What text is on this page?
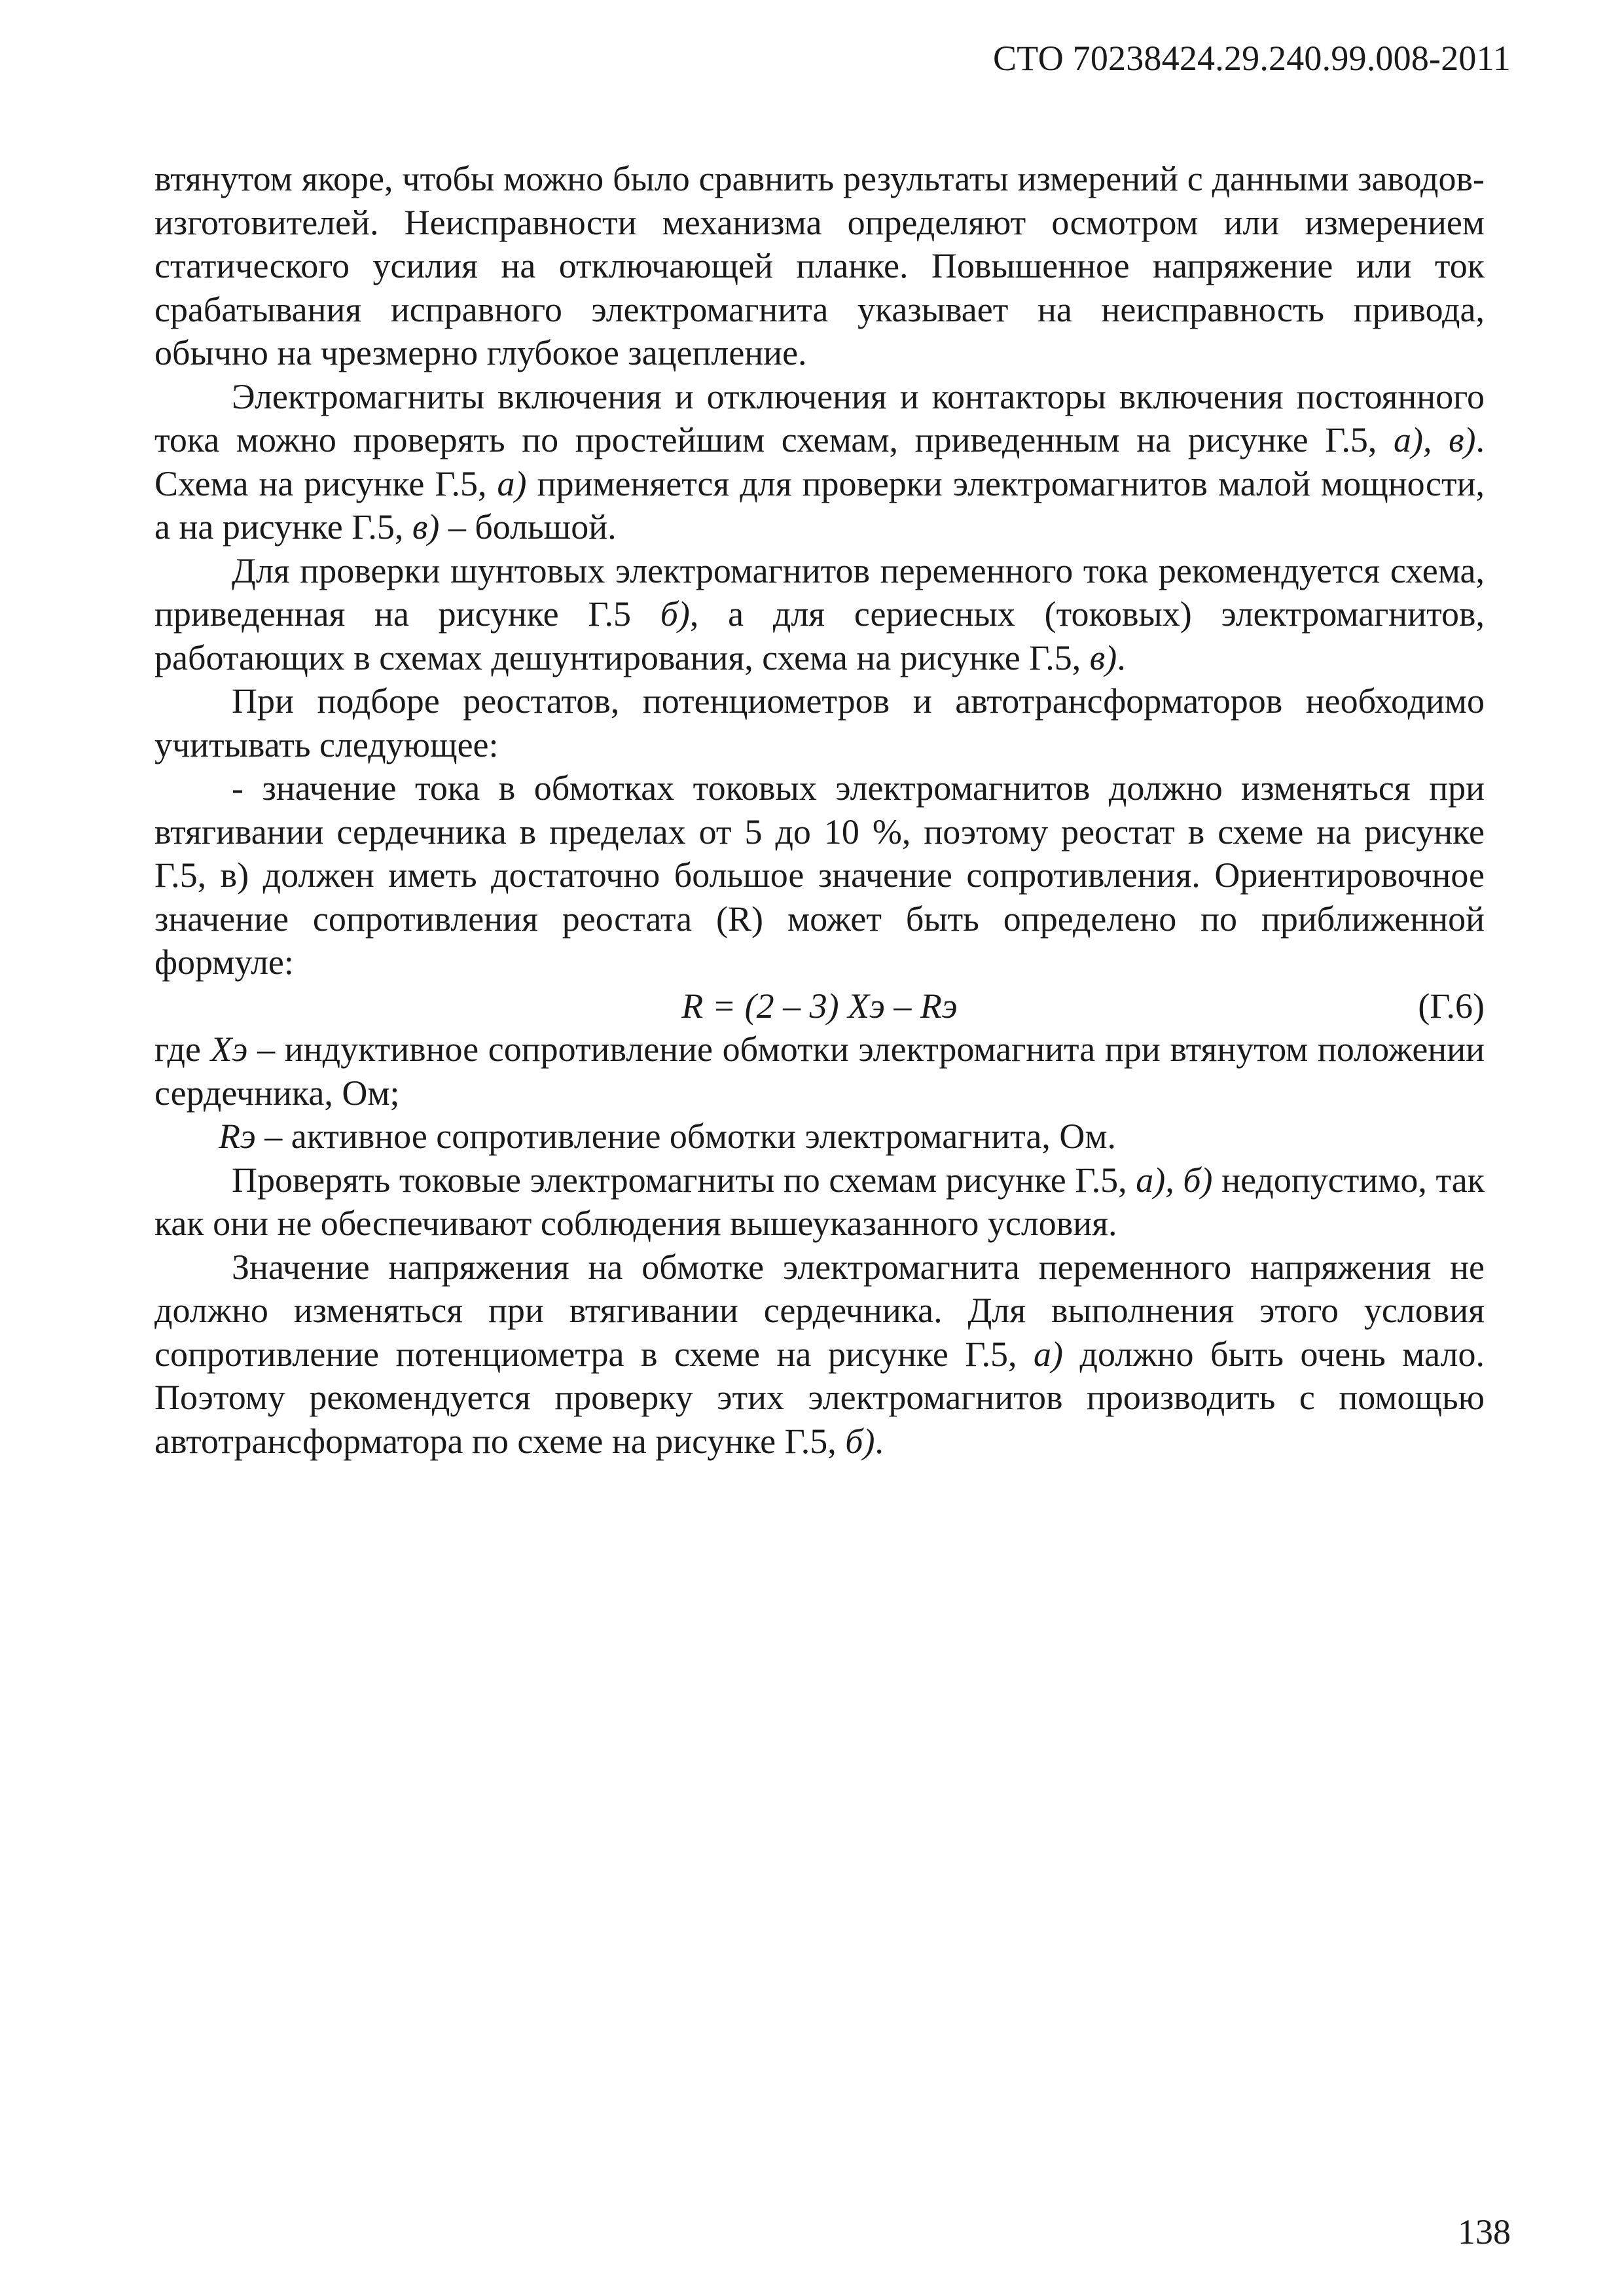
СТО 70238424.29.240.99.008-2011

втянутом якоре, чтобы можно было сравнить результаты измерений с данными заводов-изготовителей. Неисправности механизма определяют осмотром или измерением статического усилия на отключающей планке. Повышенное напряжение или ток срабатывания исправного электромагнита указывает на неисправность привода, обычно на чрезмерно глубокое зацепление.

Электромагниты включения и отключения и контакторы включения постоянного тока можно проверять по простейшим схемам, приведенным на рисунке Г.5, а), в). Схема на рисунке Г.5, а) применяется для проверки электромагнитов малой мощности, а на рисунке Г.5, в) – большой.

Для проверки шунтовых электромагнитов переменного тока рекомендуется схема, приведенная на рисунке Г.5 б), а для сериесных (токовых) электромагнитов, работающих в схемах дешунтирования, схема на рисунке Г.5, в).

При подборе реостатов, потенциометров и автотрансформаторов необходимо учитывать следующее:

- значение тока в обмотках токовых электромагнитов должно изменяться при втягивании сердечника в пределах от 5 до 10 %, поэтому реостат в схеме на рисунке Г.5, в) должен иметь достаточно большое значение сопротивления. Ориентировочное значение сопротивления реостата (R) может быть определено по приближенной формуле:

R = (2 – 3) Xэ – Rэ	(Г.6)

где Xэ – индуктивное сопротивление обмотки электромагнита при втянутом положении сердечника, Ом;

Rэ – активное сопротивление обмотки электромагнита, Ом.

Проверять токовые электромагниты по схемам рисунке Г.5, а), б) недопустимо, так как они не обеспечивают соблюдения вышеуказанного условия.

Значение напряжения на обмотке электромагнита переменного напряжения не должно изменяться при втягивании сердечника. Для выполнения этого условия сопротивление потенциометра в схеме на рисунке Г.5, а) должно быть очень мало. Поэтому рекомендуется проверку этих электромагнитов производить с помощью автотрансформатора по схеме на рисунке Г.5, б).

138
